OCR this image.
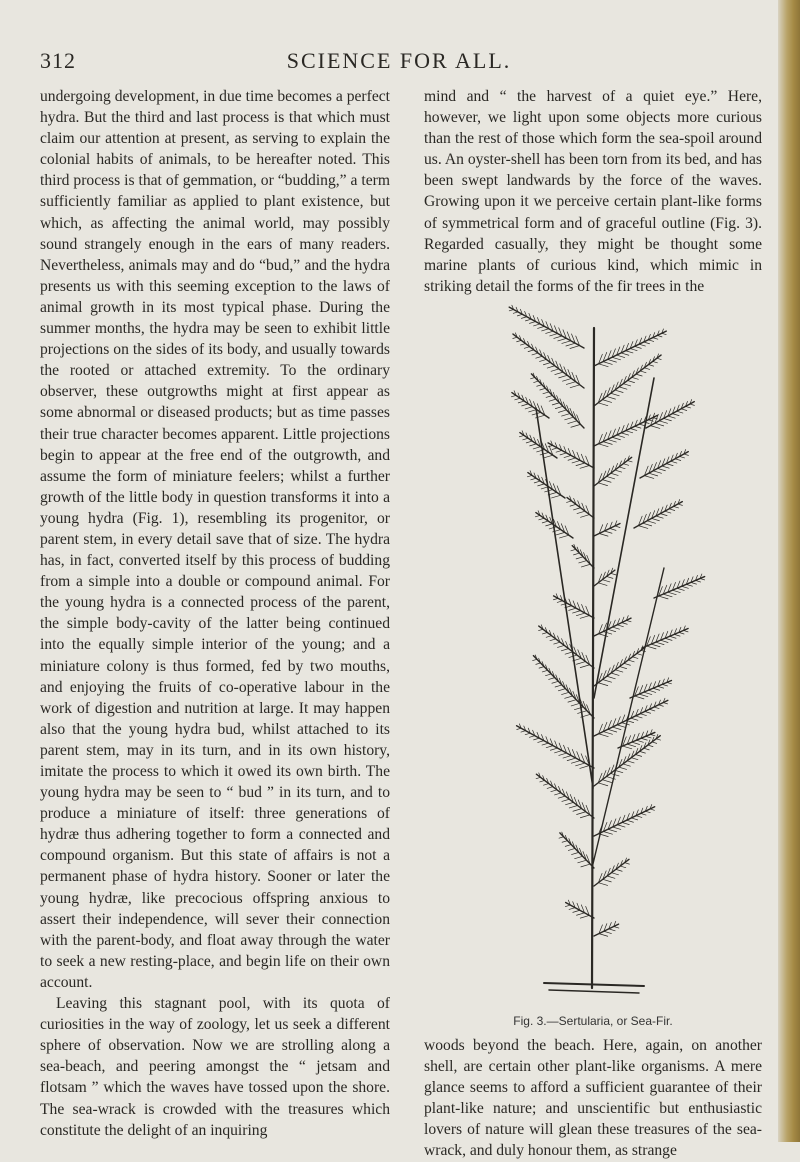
312	SCIENCE FOR ALL.

undergoing development, in due time becomes a perfect hydra. But the third and last process is that which must claim our attention at present, as serving to explain the colonial habits of animals, to be hereafter noted. This third process is that of gemmation, or “budding,” a term sufficiently familiar as applied to plant existence, but which, as affecting the animal world, may possibly sound strangely enough in the ears of many readers. Nevertheless, animals may and do “bud,” and the hydra presents us with this seeming exception to the laws of animal growth in its most typical phase. During the summer months, the hydra may be seen to exhibit little projections on the sides of its body, and usually towards the rooted or attached extremity. To the ordinary observer, these outgrowths might at first appear as some abnormal or diseased products; but as time passes their true character becomes apparent. Little projections begin to appear at the free end of the outgrowth, and assume the form of miniature feelers; whilst a further growth of the little body in question transforms it into a young hydra (Fig. 1), resembling its progenitor, or parent stem, in every detail save that of size. The hydra has, in fact, converted itself by this process of budding from a simple into a double or compound animal. For the young hydra is a connected process of the parent, the simple body-cavity of the latter being continued into the equally simple interior of the young; and a miniature colony is thus formed, fed by two mouths, and enjoying the fruits of co-operative labour in the work of digestion and nutrition at large. It may happen also that the young hydra bud, whilst attached to its parent stem, may in its turn, and in its own history, imitate the process to which it owed its own birth. The young hydra may be seen to “ bud ” in its turn, and to produce a miniature of itself: three generations of hydræ thus adhering together to form a connected and compound organism. But this state of affairs is not a permanent phase of hydra history. Sooner or later the young hydræ, like precocious offspring anxious to assert their independence, will sever their connection with the parent-body, and float away through the water to seek a new resting-place, and begin life on their own account.

Leaving this stagnant pool, with its quota of curiosities in the way of zoology, let us seek a different sphere of observation. Now we are strolling along a sea-beach, and peering amongst the “ jetsam and flotsam ” which the waves have tossed upon the shore. The sea-wrack is crowded with the treasures which constitute the delight of an inquiring

mind and “ the harvest of a quiet eye.” Here, however, we light upon some objects more curious than the rest of those which form the sea-spoil around us. An oyster-shell has been torn from its bed, and has been swept landwards by the force of the waves. Growing upon it we perceive certain plant-like forms of symmetrical form and of graceful outline (Fig. 3). Regarded casually, they might be thought some marine plants of curious kind, which mimic in striking detail the forms of the fir trees in the

Fig. 3.—Sertularia, or Sea-Fir.

woods beyond the beach. Here, again, on another shell, are certain other plant-like organisms. A mere glance seems to afford a sufficient guarantee of their plant-like nature; and unscientific but enthusiastic lovers of nature will glean these treasures of the sea-wrack, and duly honour them, as strange
